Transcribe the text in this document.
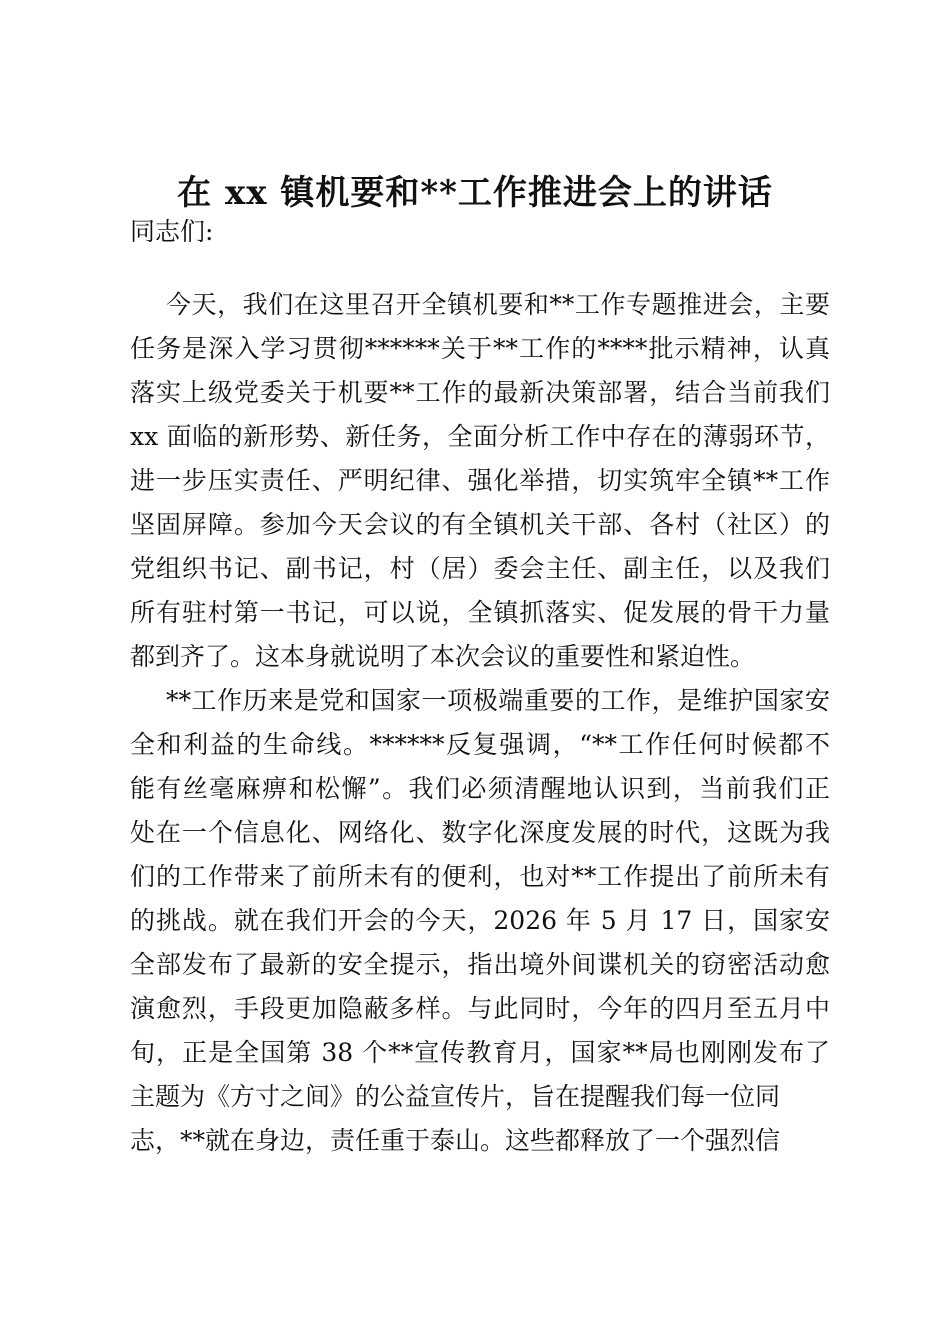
在 xx 镇机要和**工作推进会上的讲话
同志们:
今天，我们在这里召开全镇机要和**工作专题推进会，主要
任务是深入学习贯彻******关于**工作的****批示精神，认真
落实上级党委关于机要**工作的最新决策部署，结合当前我们
xx 面临的新形势、新任务，全面分析工作中存在的薄弱环节，
进一步压实责任、严明纪律、强化举措，切实筑牢全镇**工作
坚固屏障。参加今天会议的有全镇机关干部、各村（社区）的
党组织书记、副书记，村（居）委会主任、副主任，以及我们
所有驻村第一书记，可以说，全镇抓落实、促发展的骨干力量
都到齐了。这本身就说明了本次会议的重要性和紧迫性。
**工作历来是党和国家一项极端重要的工作，是维护国家安
全和利益的生命线。******反复强调，“**工作任何时候都不
能有丝毫麻痹和松懈”。我们必须清醒地认识到，当前我们正
处在一个信息化、网络化、数字化深度发展的时代，这既为我
们的工作带来了前所未有的便利，也对**工作提出了前所未有
的挑战。就在我们开会的今天，2026 年 5 月 17 日，国家安
全部发布了最新的安全提示，指出境外间谍机关的窃密活动愈
演愈烈，手段更加隐蔽多样。与此同时，今年的四月至五月中
旬，正是全国第 38 个**宣传教育月，国家**局也刚刚发布了
主题为《方寸之间》的公益宣传片，旨在提醒我们每一位同
志，**就在身边，责任重于泰山。这些都释放了一个强烈信
